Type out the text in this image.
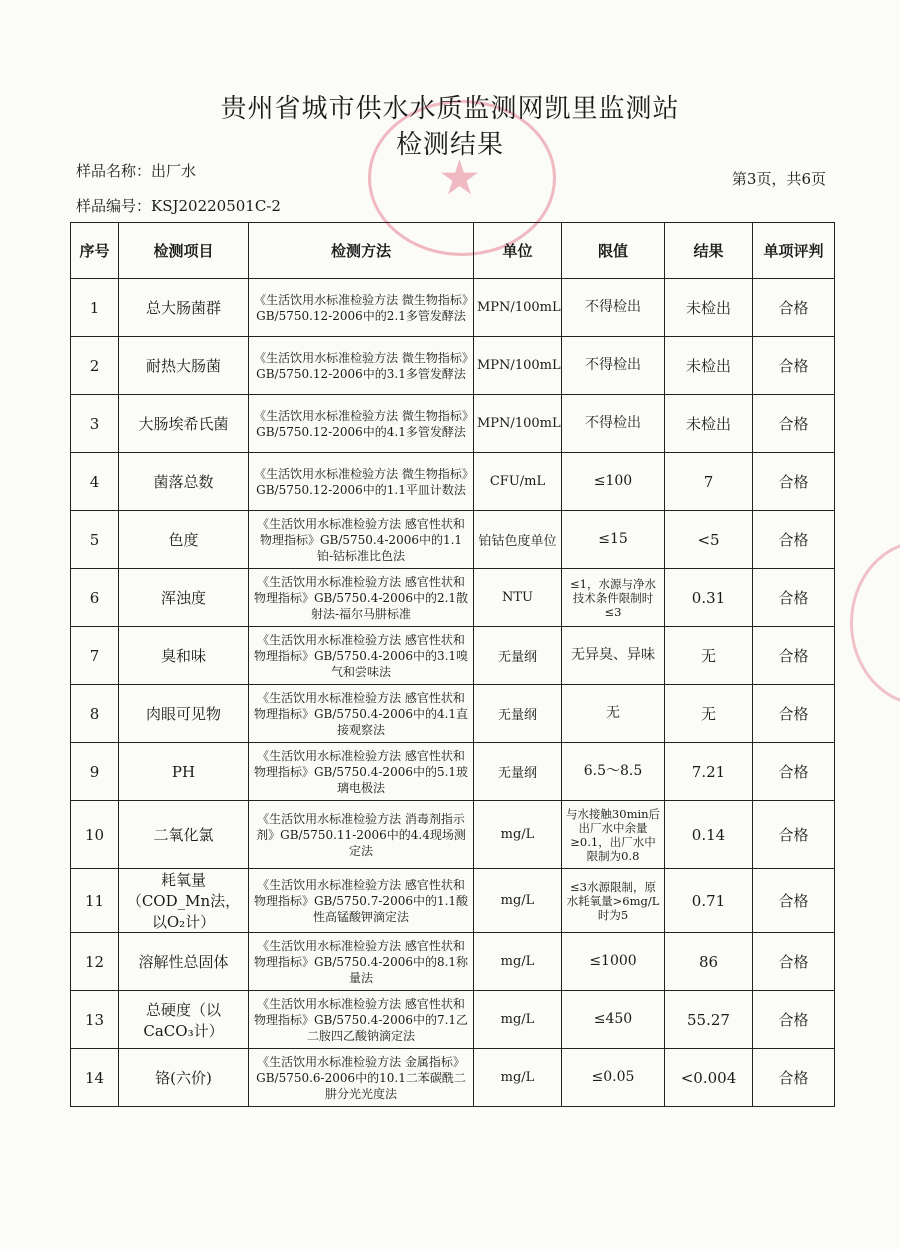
★
贵州省城市供水水质监测网凯里监测站
检测结果
样品名称：出厂水	第3页，共6页
样品编号：KSJ20220501C-2
序号	检测项目	检测方法	单位	限值	结果	单项评判
1	总大肠菌群	《生活饮用水标准检验方法 微生物指标》GB/5750.12-2006中的2.1多管发酵法	MPN/100mL	不得检出	未检出	合格
2	耐热大肠菌	《生活饮用水标准检验方法 微生物指标》GB/5750.12-2006中的3.1多管发酵法	MPN/100mL	不得检出	未检出	合格
3	大肠埃希氏菌	《生活饮用水标准检验方法 微生物指标》GB/5750.12-2006中的4.1多管发酵法	MPN/100mL	不得检出	未检出	合格
4	菌落总数	《生活饮用水标准检验方法 微生物指标》GB/5750.12-2006中的1.1平皿计数法	CFU/mL	≤100	7	合格
5	色度	《生活饮用水标准检验方法 感官性状和物理指标》GB/5750.4-2006中的1.1铂-钴标准比色法	铂钴色度单位	≤15	<5	合格
6	浑浊度	《生活饮用水标准检验方法 感官性状和物理指标》GB/5750.4-2006中的2.1散射法-福尔马肼标准	NTU	≤1，水源与净水技术条件限制时≤3	0.31	合格
7	臭和味	《生活饮用水标准检验方法 感官性状和物理指标》GB/5750.4-2006中的3.1嗅气和尝味法	无量纲	无异臭、异味	无	合格
8	肉眼可见物	《生活饮用水标准检验方法 感官性状和物理指标》GB/5750.4-2006中的4.1直接观察法	无量纲	无	无	合格
9	PH	《生活饮用水标准检验方法 感官性状和物理指标》GB/5750.4-2006中的5.1玻璃电极法	无量纲	6.5～8.5	7.21	合格
10	二氧化氯	《生活饮用水标准检验方法 消毒剂指示剂》GB/5750.11-2006中的4.4现场测定法	mg/L	与水接触30min后出厂水中余量≥0.1，出厂水中限制为0.8	0.14	合格
11	耗氧量（COD_Mn法，以O₂计）	《生活饮用水标准检验方法 感官性状和物理指标》GB/5750.7-2006中的1.1酸性高锰酸钾滴定法	mg/L	≤3水源限制，原水耗氧量>6mg/L时为5	0.71	合格
12	溶解性总固体	《生活饮用水标准检验方法 感官性状和物理指标》GB/5750.4-2006中的8.1称量法	mg/L	≤1000	86	合格
13	总硬度（以CaCO₃计）	《生活饮用水标准检验方法 感官性状和物理指标》GB/5750.4-2006中的7.1乙二胺四乙酸钠滴定法	mg/L	≤450	55.27	合格
14	铬(六价)	《生活饮用水标准检验方法 金属指标》GB/5750.6-2006中的10.1二苯碳酰二肼分光光度法	mg/L	≤0.05	<0.004	合格
